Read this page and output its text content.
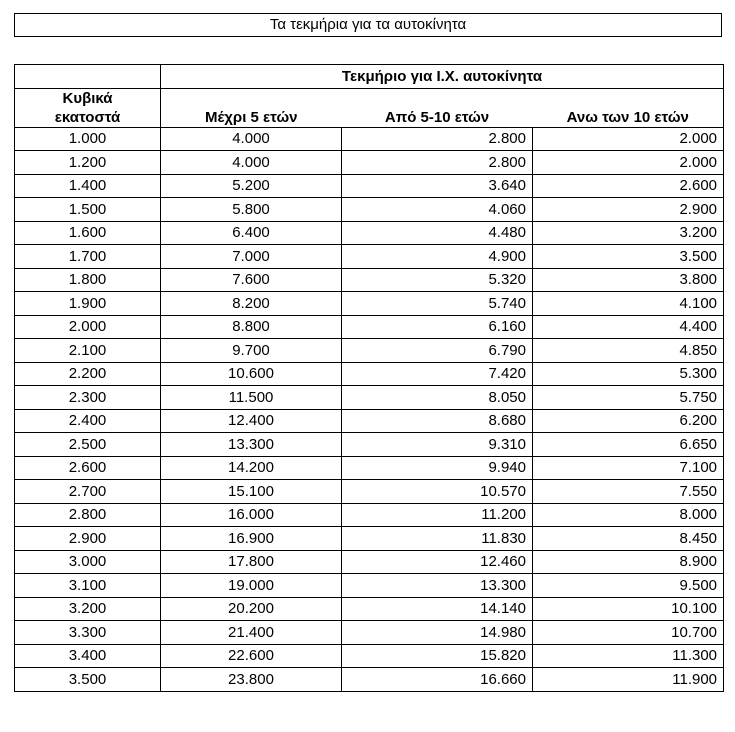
Τα τεκμήρια για τα αυτοκίνητα
	Τεκμήριο για Ι.Χ. αυτοκίνητα		
Κυβικά
εκατοστά	Μέχρι 5 ετών	Από 5-10 ετών	Ανω των 10 ετών
1.000	4.000	2.800	2.000
1.200	4.000	2.800	2.000
1.400	5.200	3.640	2.600
1.500	5.800	4.060	2.900
1.600	6.400	4.480	3.200
1.700	7.000	4.900	3.500
1.800	7.600	5.320	3.800
1.900	8.200	5.740	4.100
2.000	8.800	6.160	4.400
2.100	9.700	6.790	4.850
2.200	10.600	7.420	5.300
2.300	11.500	8.050	5.750
2.400	12.400	8.680	6.200
2.500	13.300	9.310	6.650
2.600	14.200	9.940	7.100
2.700	15.100	10.570	7.550
2.800	16.000	11.200	8.000
2.900	16.900	11.830	8.450
3.000	17.800	12.460	8.900
3.100	19.000	13.300	9.500
3.200	20.200	14.140	10.100
3.300	21.400	14.980	10.700
3.400	22.600	15.820	11.300
3.500	23.800	16.660	11.900
